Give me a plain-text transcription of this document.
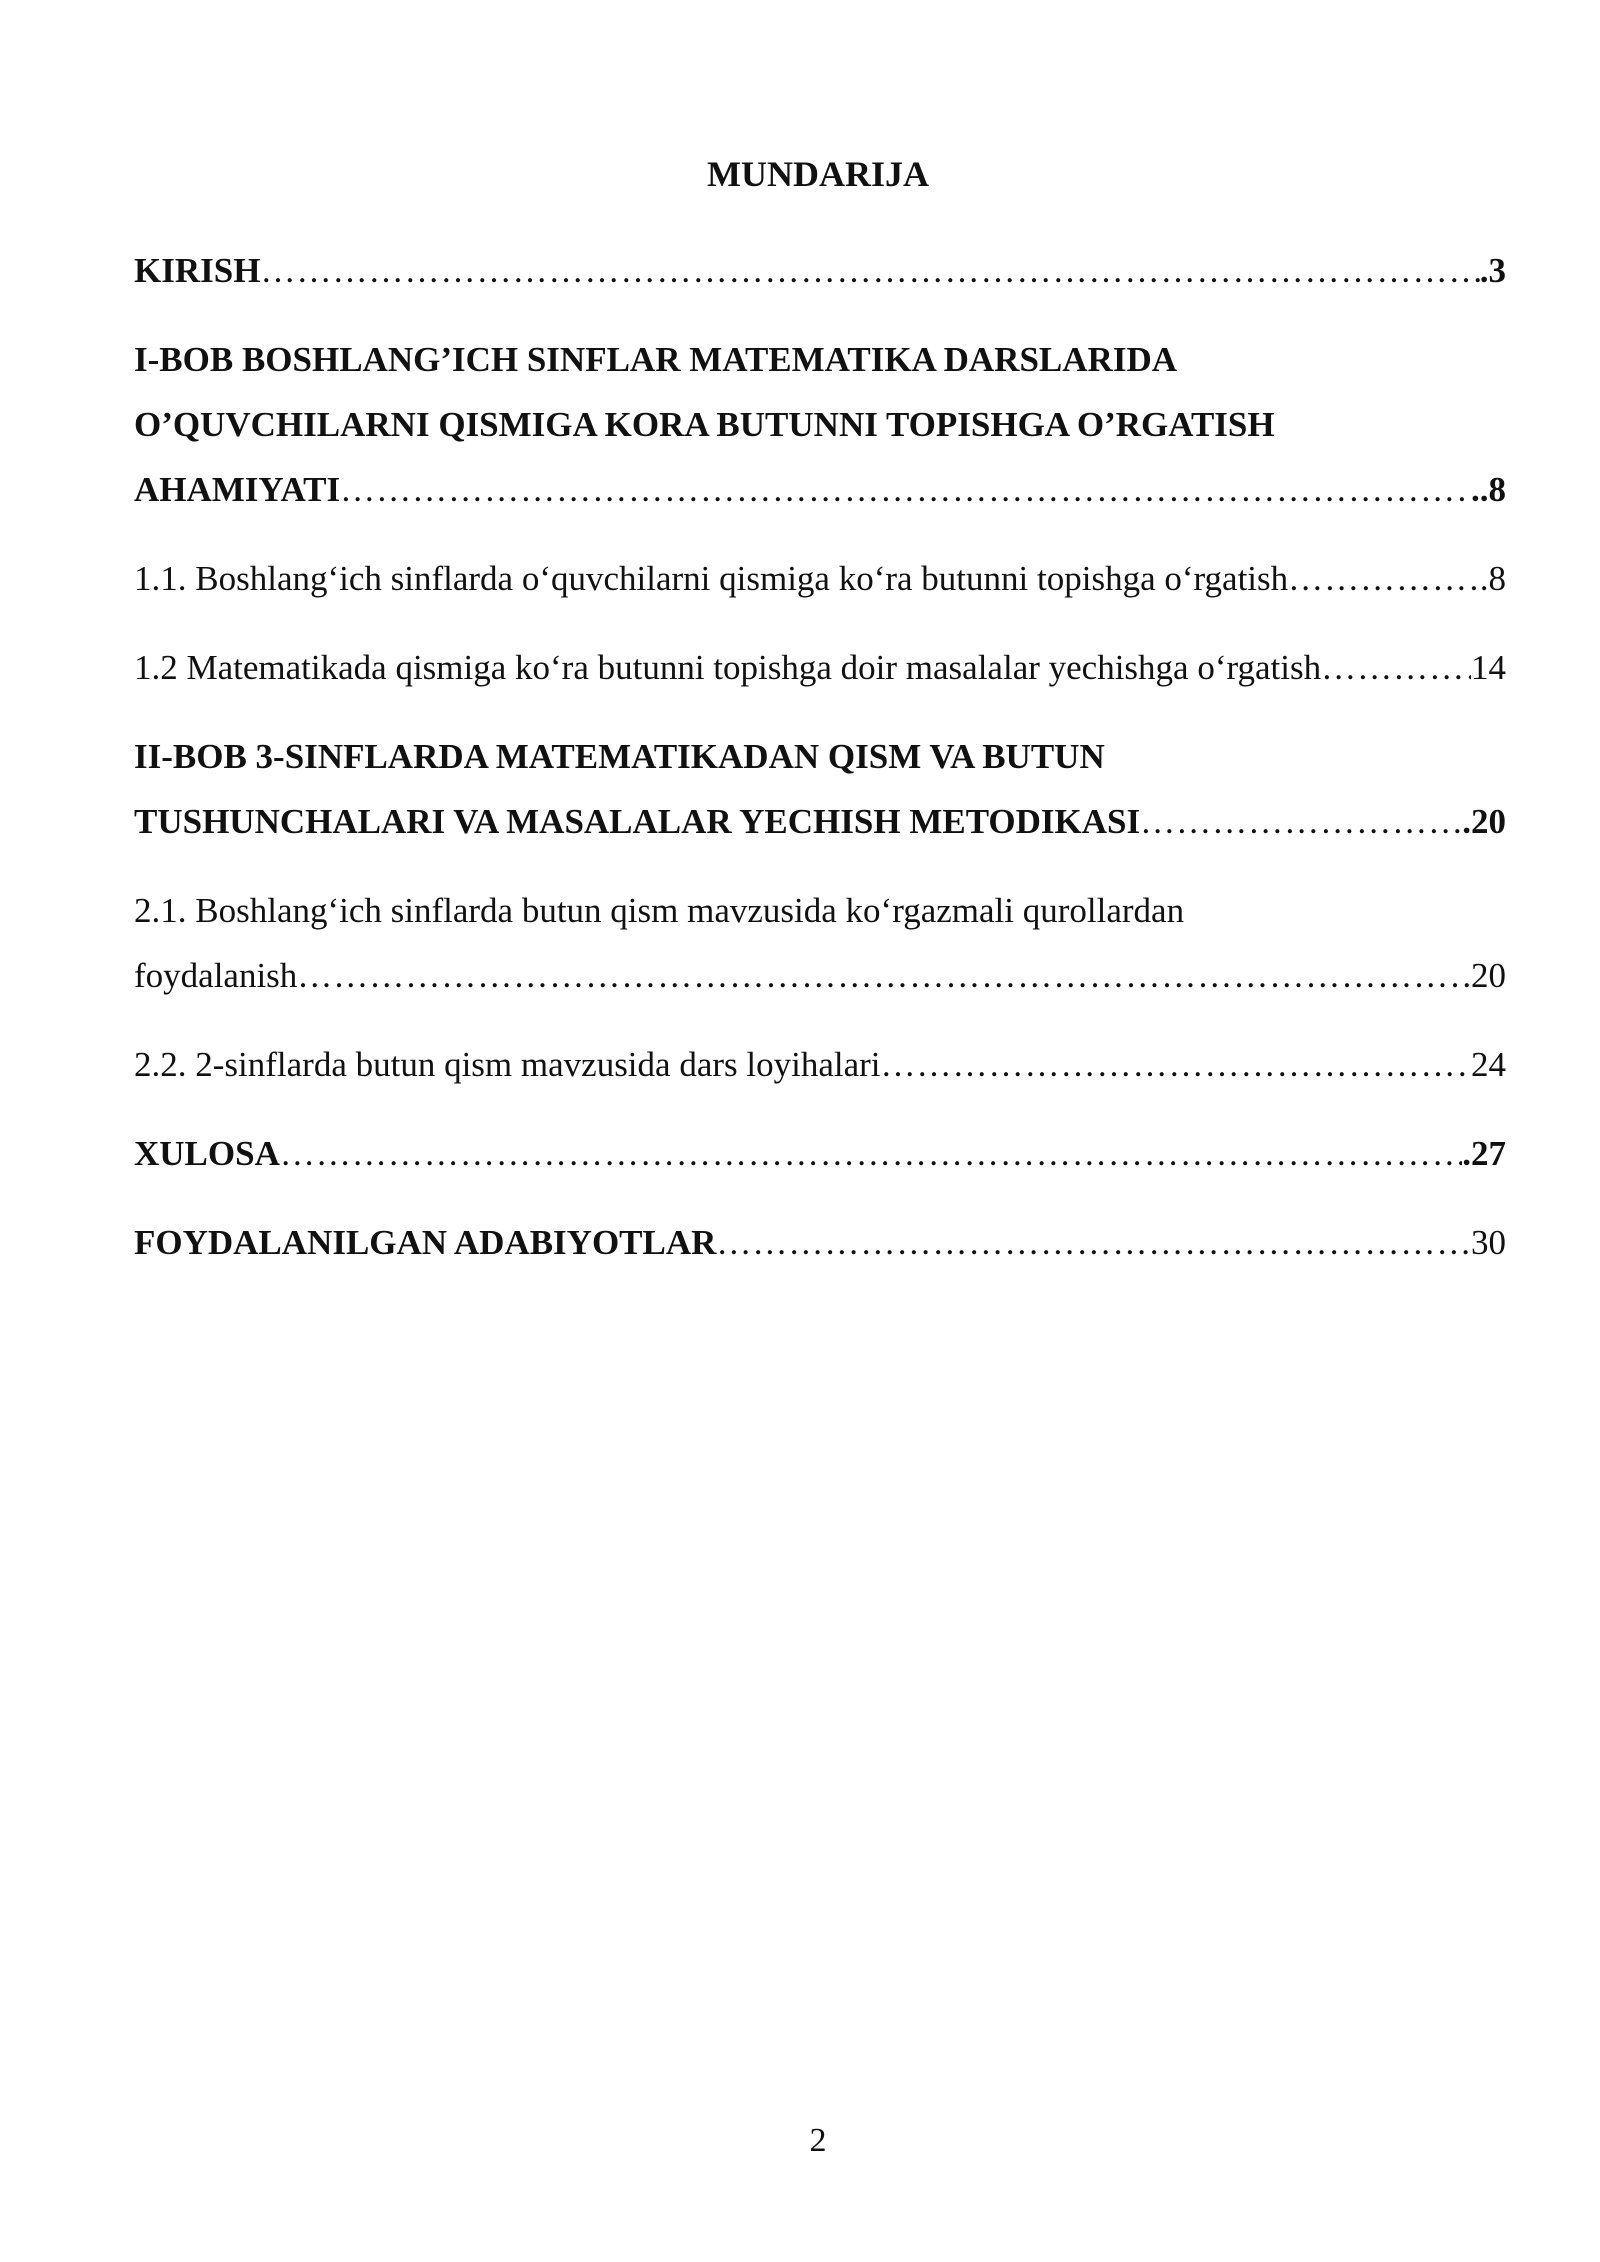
MUNDARIJA
KIRISH …………………………………………………………………………………………………………………………………………………………………………………………………………	.3
I-BOB BOSHLANG’ICH SINFLAR MATEMATIKA DARSLARIDA
O’QUVCHILARNI QISMIGA KORA BUTUNNI TOPISHGA O’RGATISH
AHAMIYATI …………………………………………………………………………………………………………………………………………………………………………………………………………	..8
1.1. Boshlang‘ich sinflarda o‘quvchilarni qismiga ko‘ra butunni topishga o‘rgatish …………………………………………………………………………………………………………………………………………………………………………………………………………	.8
1.2 Matematikada qismiga ko‘ra butunni topishga doir masalalar yechishga o‘rgatish …………………………………………………………………………………………………………………………………………………………………………………………………………	14
II-BOB 3-SINFLARDA MATEMATIKADAN QISM VA BUTUN
TUSHUNCHALARI VA MASALALAR YECHISH METODIKASI …………………………………………………………………………………………………………………………………………………………………………………………………………	.20
2.1. Boshlang‘ich sinflarda butun qism mavzusida ko‘rgazmali qurollardan
foydalanish …………………………………………………………………………………………………………………………………………………………………………………………………………	20
2.2. 2-sinflarda butun qism mavzusida dars loyihalari …………………………………………………………………………………………………………………………………………………………………………………………………………	24
XULOSA …………………………………………………………………………………………………………………………………………………………………………………………………………	.27
FOYDALANILGAN ADABIYOTLAR …………………………………………………………………………………………………………………………………………………………………………………………………………	30
2
